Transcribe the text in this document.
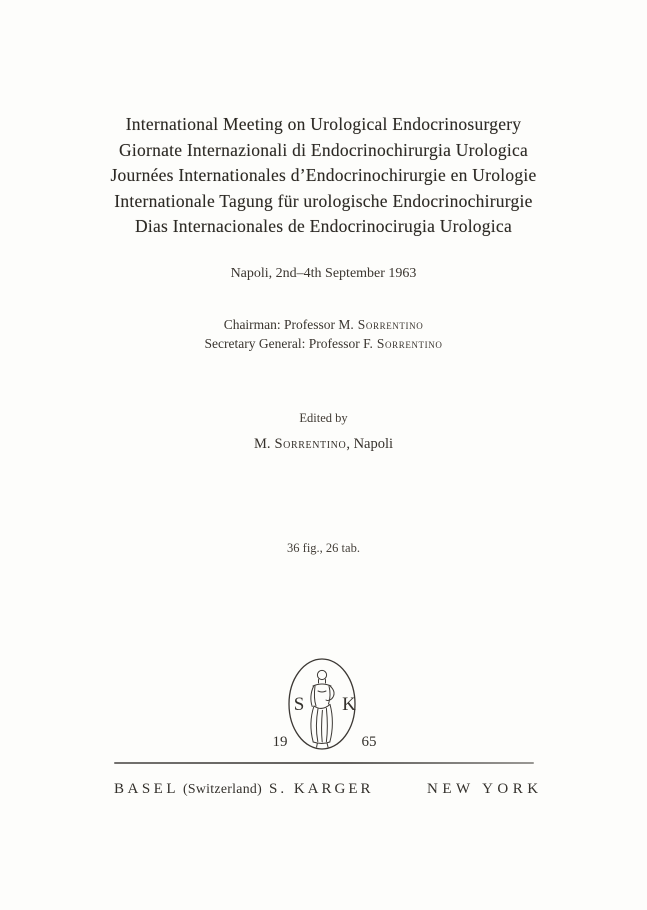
International Meeting on Urological Endocrinosurgery
Giornate Internazionali di Endocrinochirurgia Urologica
Journées Internationales d’Endocrinochirurgie en Urologie
Internationale Tagung für urologische Endocrinochirurgie
Dias Internacionales de Endocrinocirugia Urologica
Napoli, 2nd–4th September 1963
Chairman: Professor M. Sorrentino
Secretary General: Professor F. Sorrentino
Edited by
M. Sorrentino, Napoli
36 fig., 26 tab.
S K
19	65
BASEL (Switzerland) S. KARGER	NEW YORK
